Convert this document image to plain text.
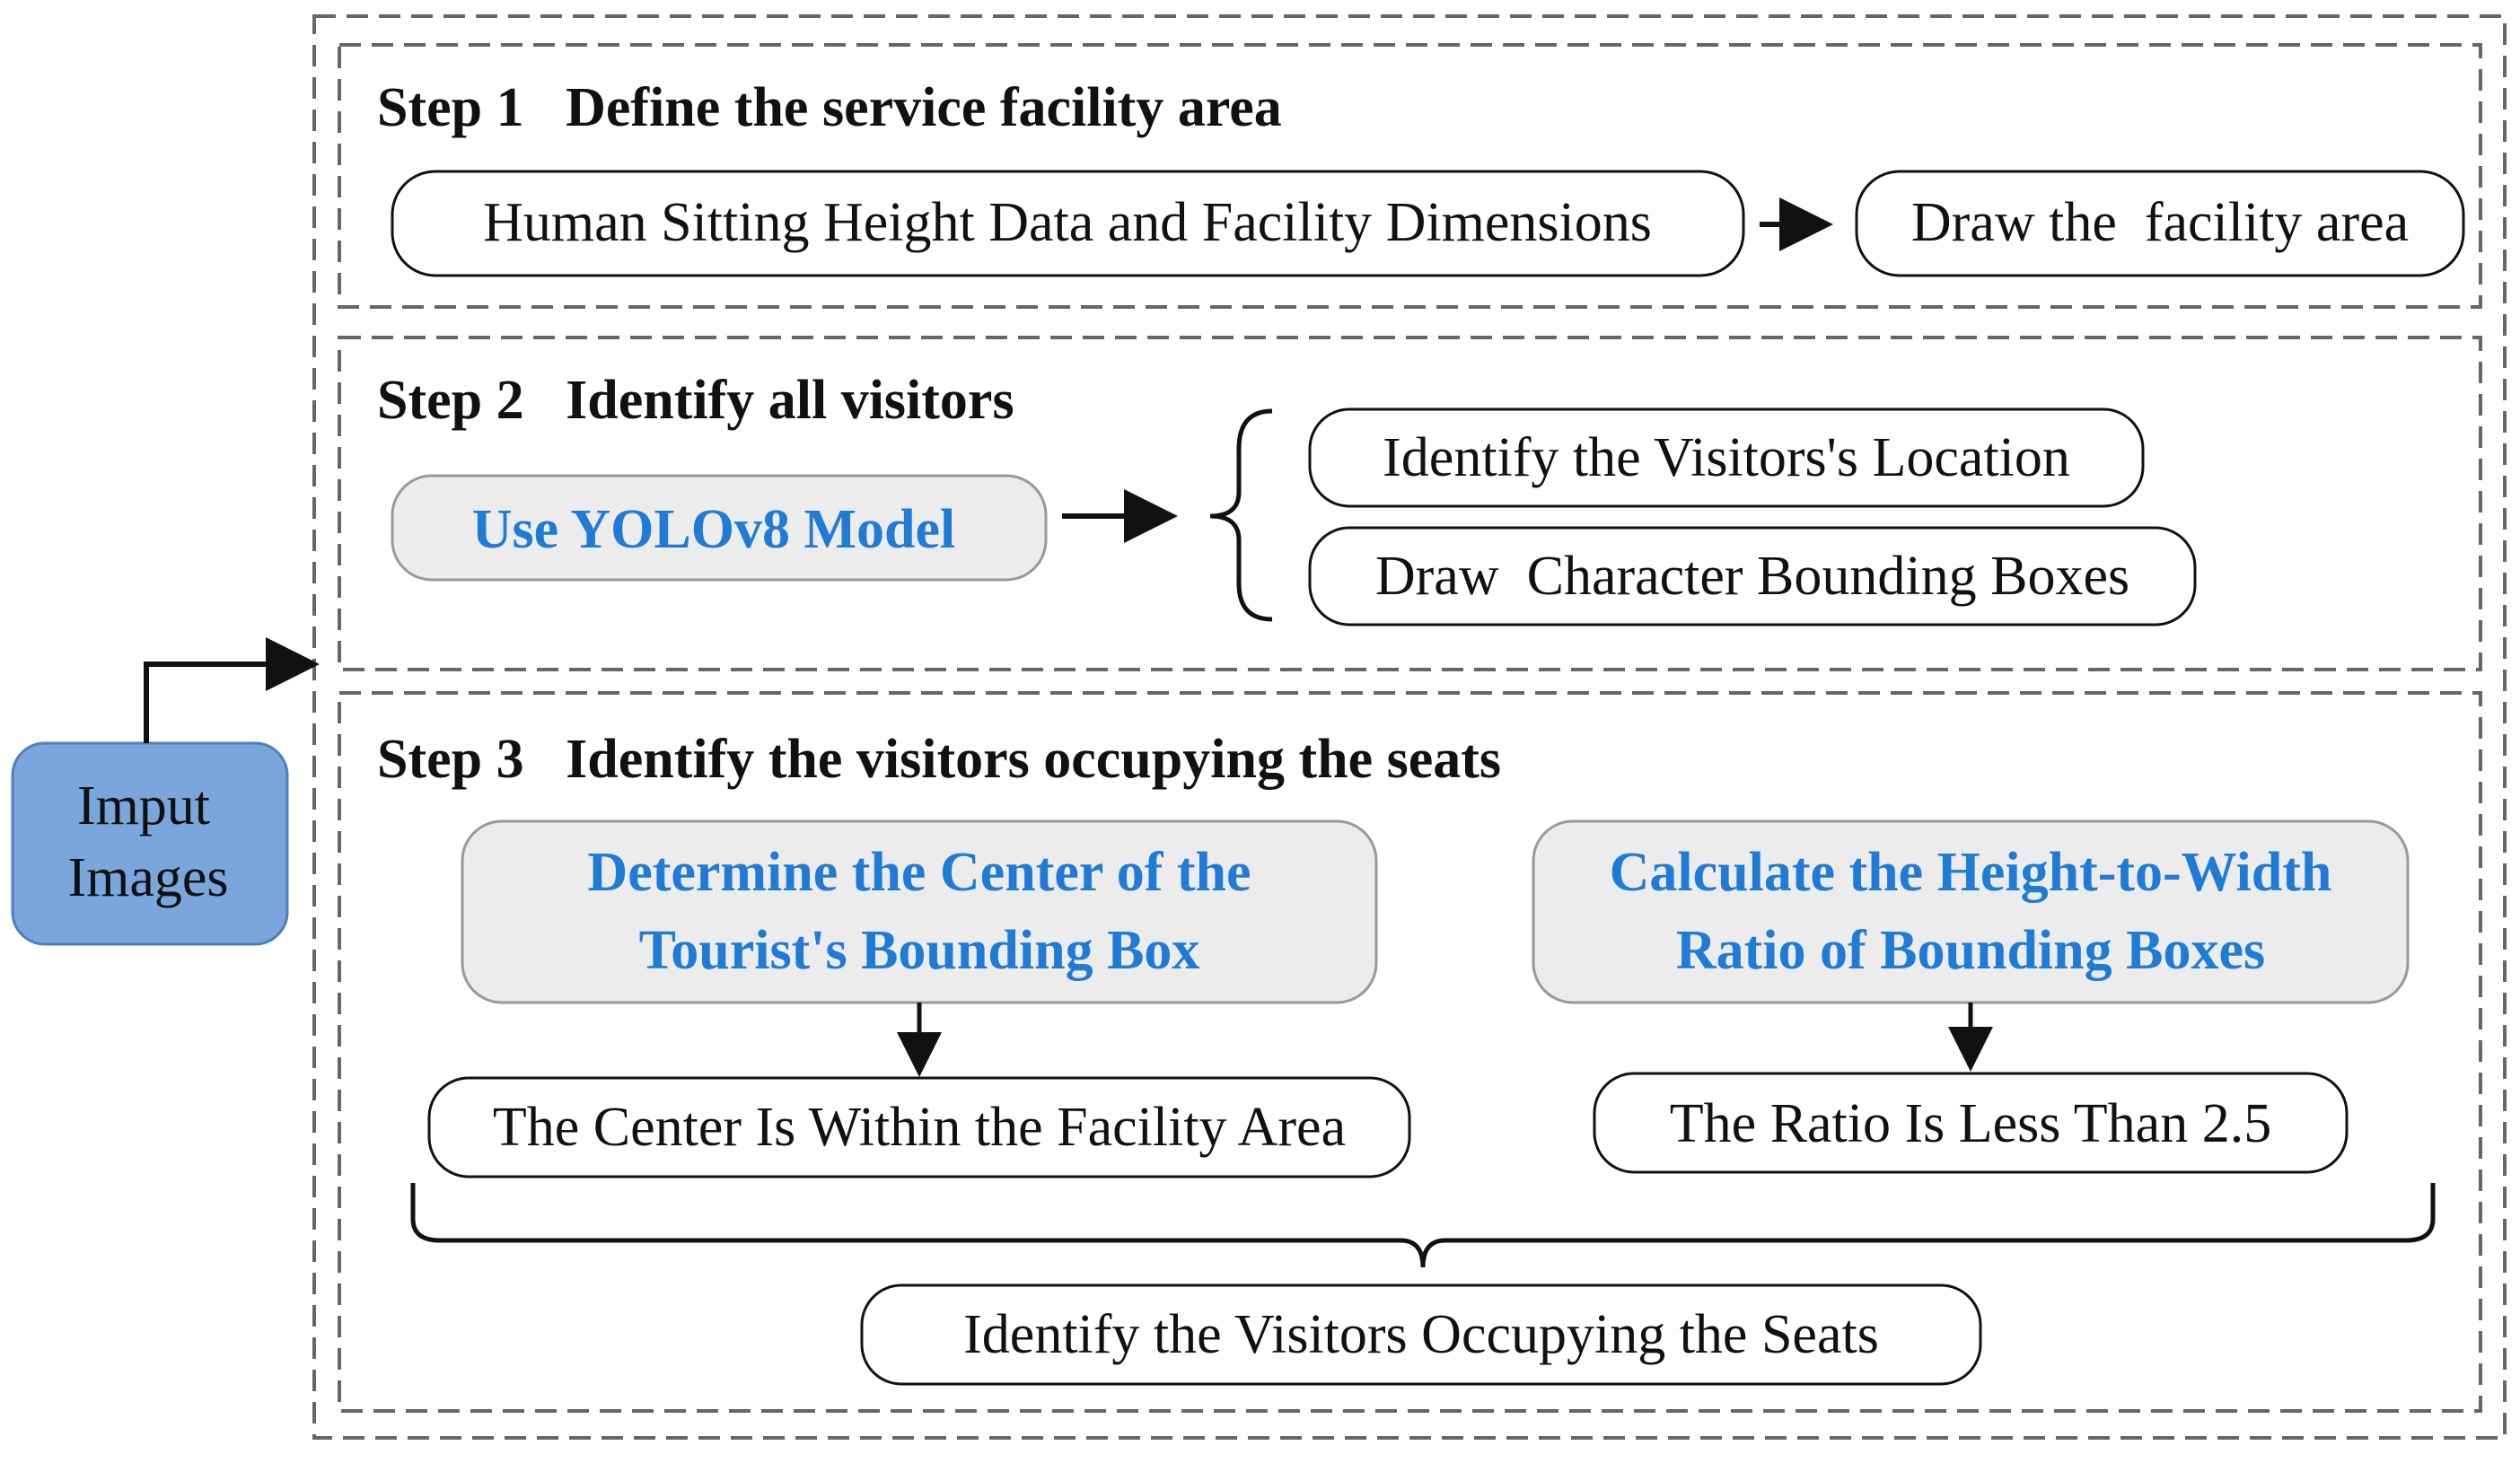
Imput
Images
Step 1   Define the service facility area
Human Sitting Height Data and Facility Dimensions	Draw the  facility area
Step 2   Identify all visitors
Use YOLOv8 Model
Identify the Visitors's Location
Draw  Character Bounding Boxes
Step 3   Identify the visitors occupying the seats
Determine the Center of the
Tourist's Bounding Box
Calculate the Height-to-Width
Ratio of Bounding Boxes
The Center Is Within the Facility Area	The Ratio Is Less Than 2.5
Identify the Visitors Occupying the Seats
